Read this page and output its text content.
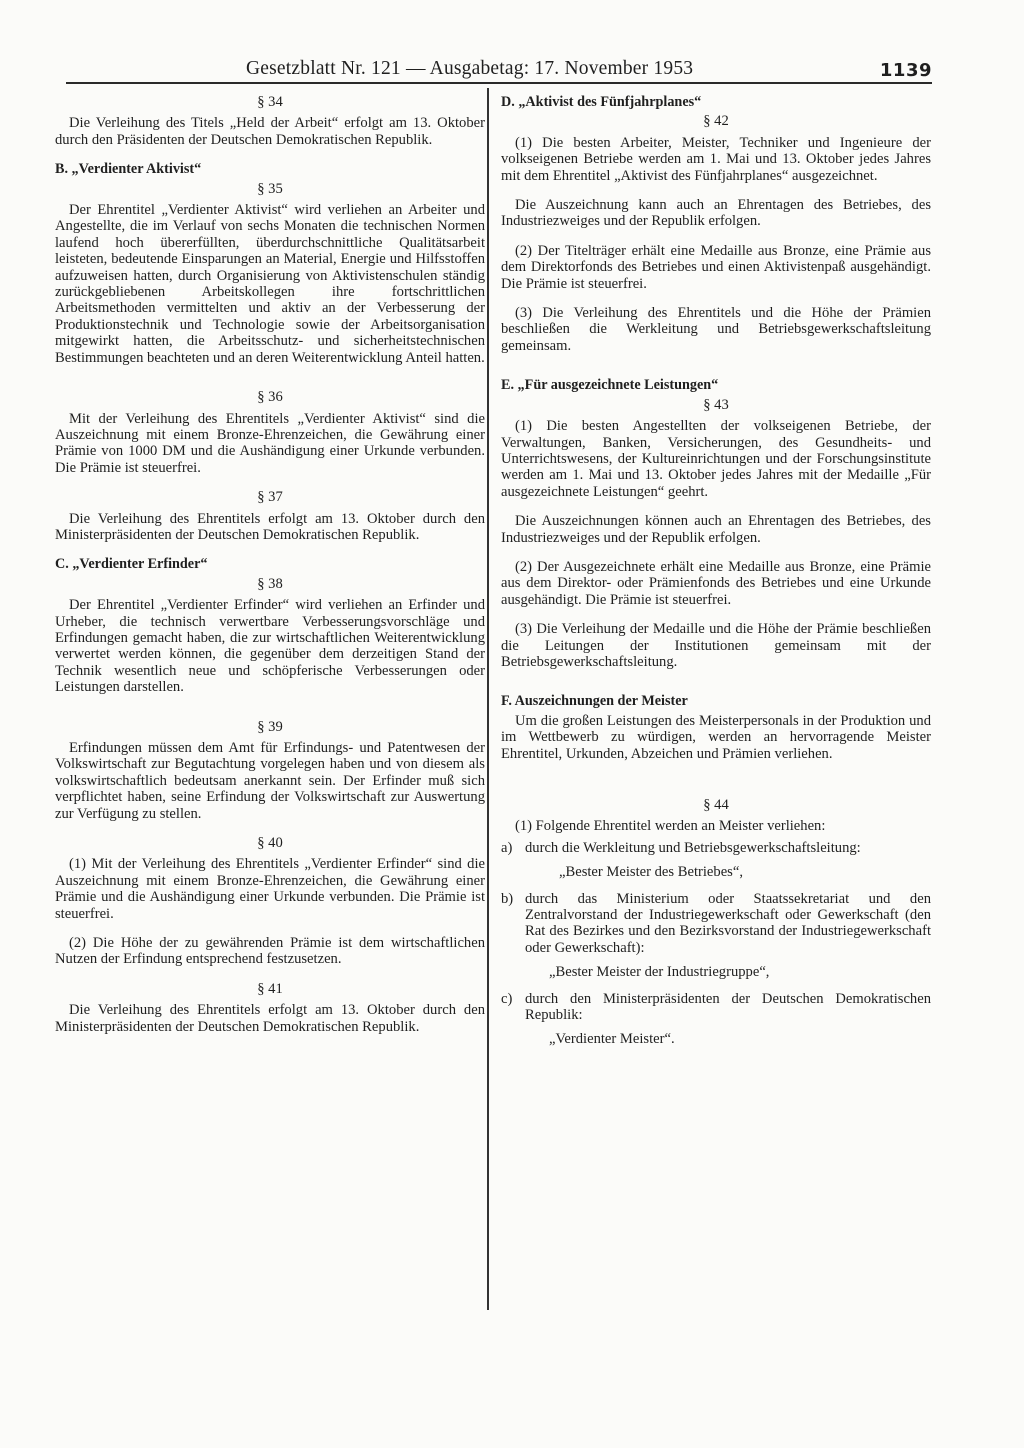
Gesetzblatt Nr. 121 — Ausgabetag: 17. November 1953	1139
§ 34

Die Verleihung des Titels „Held der Arbeit“ erfolgt am 13. Oktober durch den Präsidenten der Deutschen Demokratischen Republik.

B. „Verdienter Aktivist“
§ 35

Der Ehrentitel „Verdienter Aktivist“ wird verliehen an Arbeiter und Angestellte, die im Verlauf von sechs Monaten die technischen Normen laufend hoch übererfüllten, überdurchschnittliche Qualitätsarbeit leisteten, bedeutende Einsparungen an Material, Energie und Hilfsstoffen aufzuweisen hatten, durch Organisierung von Aktivistenschulen ständig zurückgebliebenen Arbeitskollegen ihre fortschrittlichen Arbeitsmethoden vermittelten und aktiv an der Verbesserung der Produktionstechnik und Technologie sowie der Arbeitsorganisation mitgewirkt hatten, die Arbeitsschutz- und sicherheitstechnischen Bestimmungen beachteten und an deren Weiterentwicklung Anteil hatten.

§ 36

Mit der Verleihung des Ehrentitels „Verdienter Aktivist“ sind die Auszeichnung mit einem Bronze-Ehrenzeichen, die Gewährung einer Prämie von 1000 DM und die Aushändigung einer Urkunde verbunden. Die Prämie ist steuerfrei.

§ 37

Die Verleihung des Ehrentitels erfolgt am 13. Oktober durch den Ministerpräsidenten der Deutschen Demokratischen Republik.

C. „Verdienter Erfinder“
§ 38

Der Ehrentitel „Verdienter Erfinder“ wird verliehen an Erfinder und Urheber, die technisch verwertbare Verbesserungsvorschläge und Erfindungen gemacht haben, die zur wirtschaftlichen Weiterentwicklung verwertet werden können, die gegenüber dem derzeitigen Stand der Technik wesentlich neue und schöpferische Verbesserungen oder Leistungen darstellen.

§ 39

Erfindungen müssen dem Amt für Erfindungs- und Patentwesen der Volkswirtschaft zur Begutachtung vorgelegen haben und von diesem als volkswirtschaftlich bedeutsam anerkannt sein. Der Erfinder muß sich verpflichtet haben, seine Erfindung der Volkswirtschaft zur Auswertung zur Verfügung zu stellen.

§ 40

(1) Mit der Verleihung des Ehrentitels „Verdienter Erfinder“ sind die Auszeichnung mit einem Bronze-Ehrenzeichen, die Gewährung einer Prämie und die Aushändigung einer Urkunde verbunden. Die Prämie ist steuerfrei.

(2) Die Höhe der zu gewährenden Prämie ist dem wirtschaftlichen Nutzen der Erfindung entsprechend festzusetzen.

§ 41

Die Verleihung des Ehrentitels erfolgt am 13. Oktober durch den Ministerpräsidenten der Deutschen Demokratischen Republik.

D. „Aktivist des Fünfjahrplanes“
§ 42

(1) Die besten Arbeiter, Meister, Techniker und Ingenieure der volkseigenen Betriebe werden am 1. Mai und 13. Oktober jedes Jahres mit dem Ehrentitel „Aktivist des Fünfjahrplanes“ ausgezeichnet.

Die Auszeichnung kann auch an Ehrentagen des Betriebes, des Industriezweiges und der Republik erfolgen.

(2) Der Titelträger erhält eine Medaille aus Bronze, eine Prämie aus dem Direktorfonds des Betriebes und einen Aktivistenpaß ausgehändigt. Die Prämie ist steuerfrei.

(3) Die Verleihung des Ehrentitels und die Höhe der Prämien beschließen die Werkleitung und Betriebsgewerkschaftsleitung gemeinsam.

E. „Für ausgezeichnete Leistungen“
§ 43

(1) Die besten Angestellten der volkseigenen Betriebe, der Verwaltungen, Banken, Versicherungen, des Gesundheits- und Unterrichtswesens, der Kultureinrichtungen und der Forschungsinstitute werden am 1. Mai und 13. Oktober jedes Jahres mit der Medaille „Für ausgezeichnete Leistungen“ geehrt.

Die Auszeichnungen können auch an Ehrentagen des Betriebes, des Industriezweiges und der Republik erfolgen.

(2) Der Ausgezeichnete erhält eine Medaille aus Bronze, eine Prämie aus dem Direktor- oder Prämienfonds des Betriebes und eine Urkunde ausgehändigt. Die Prämie ist steuerfrei.

(3) Die Verleihung der Medaille und die Höhe der Prämie beschließen die Leitungen der Institutionen gemeinsam mit der Betriebsgewerkschaftsleitung.

F. Auszeichnungen der Meister

Um die großen Leistungen des Meisterpersonals in der Produktion und im Wettbewerb zu würdigen, werden an hervorragende Meister Ehrentitel, Urkunden, Abzeichen und Prämien verliehen.

§ 44

(1) Folgende Ehrentitel werden an Meister verliehen:

a) durch die Werkleitung und Betriebsgewerkschaftsleitung:
„Bester Meister des Betriebes“,
b) durch das Ministerium oder Staatssekretariat und den Zentralvorstand der Industriegewerkschaft oder Gewerkschaft (den Rat des Bezirkes und den Bezirksvorstand der Industriegewerkschaft oder Gewerkschaft):
„Bester Meister der Industriegruppe“,
c) durch den Ministerpräsidenten der Deutschen Demokratischen Republik:
„Verdienter Meister“.
